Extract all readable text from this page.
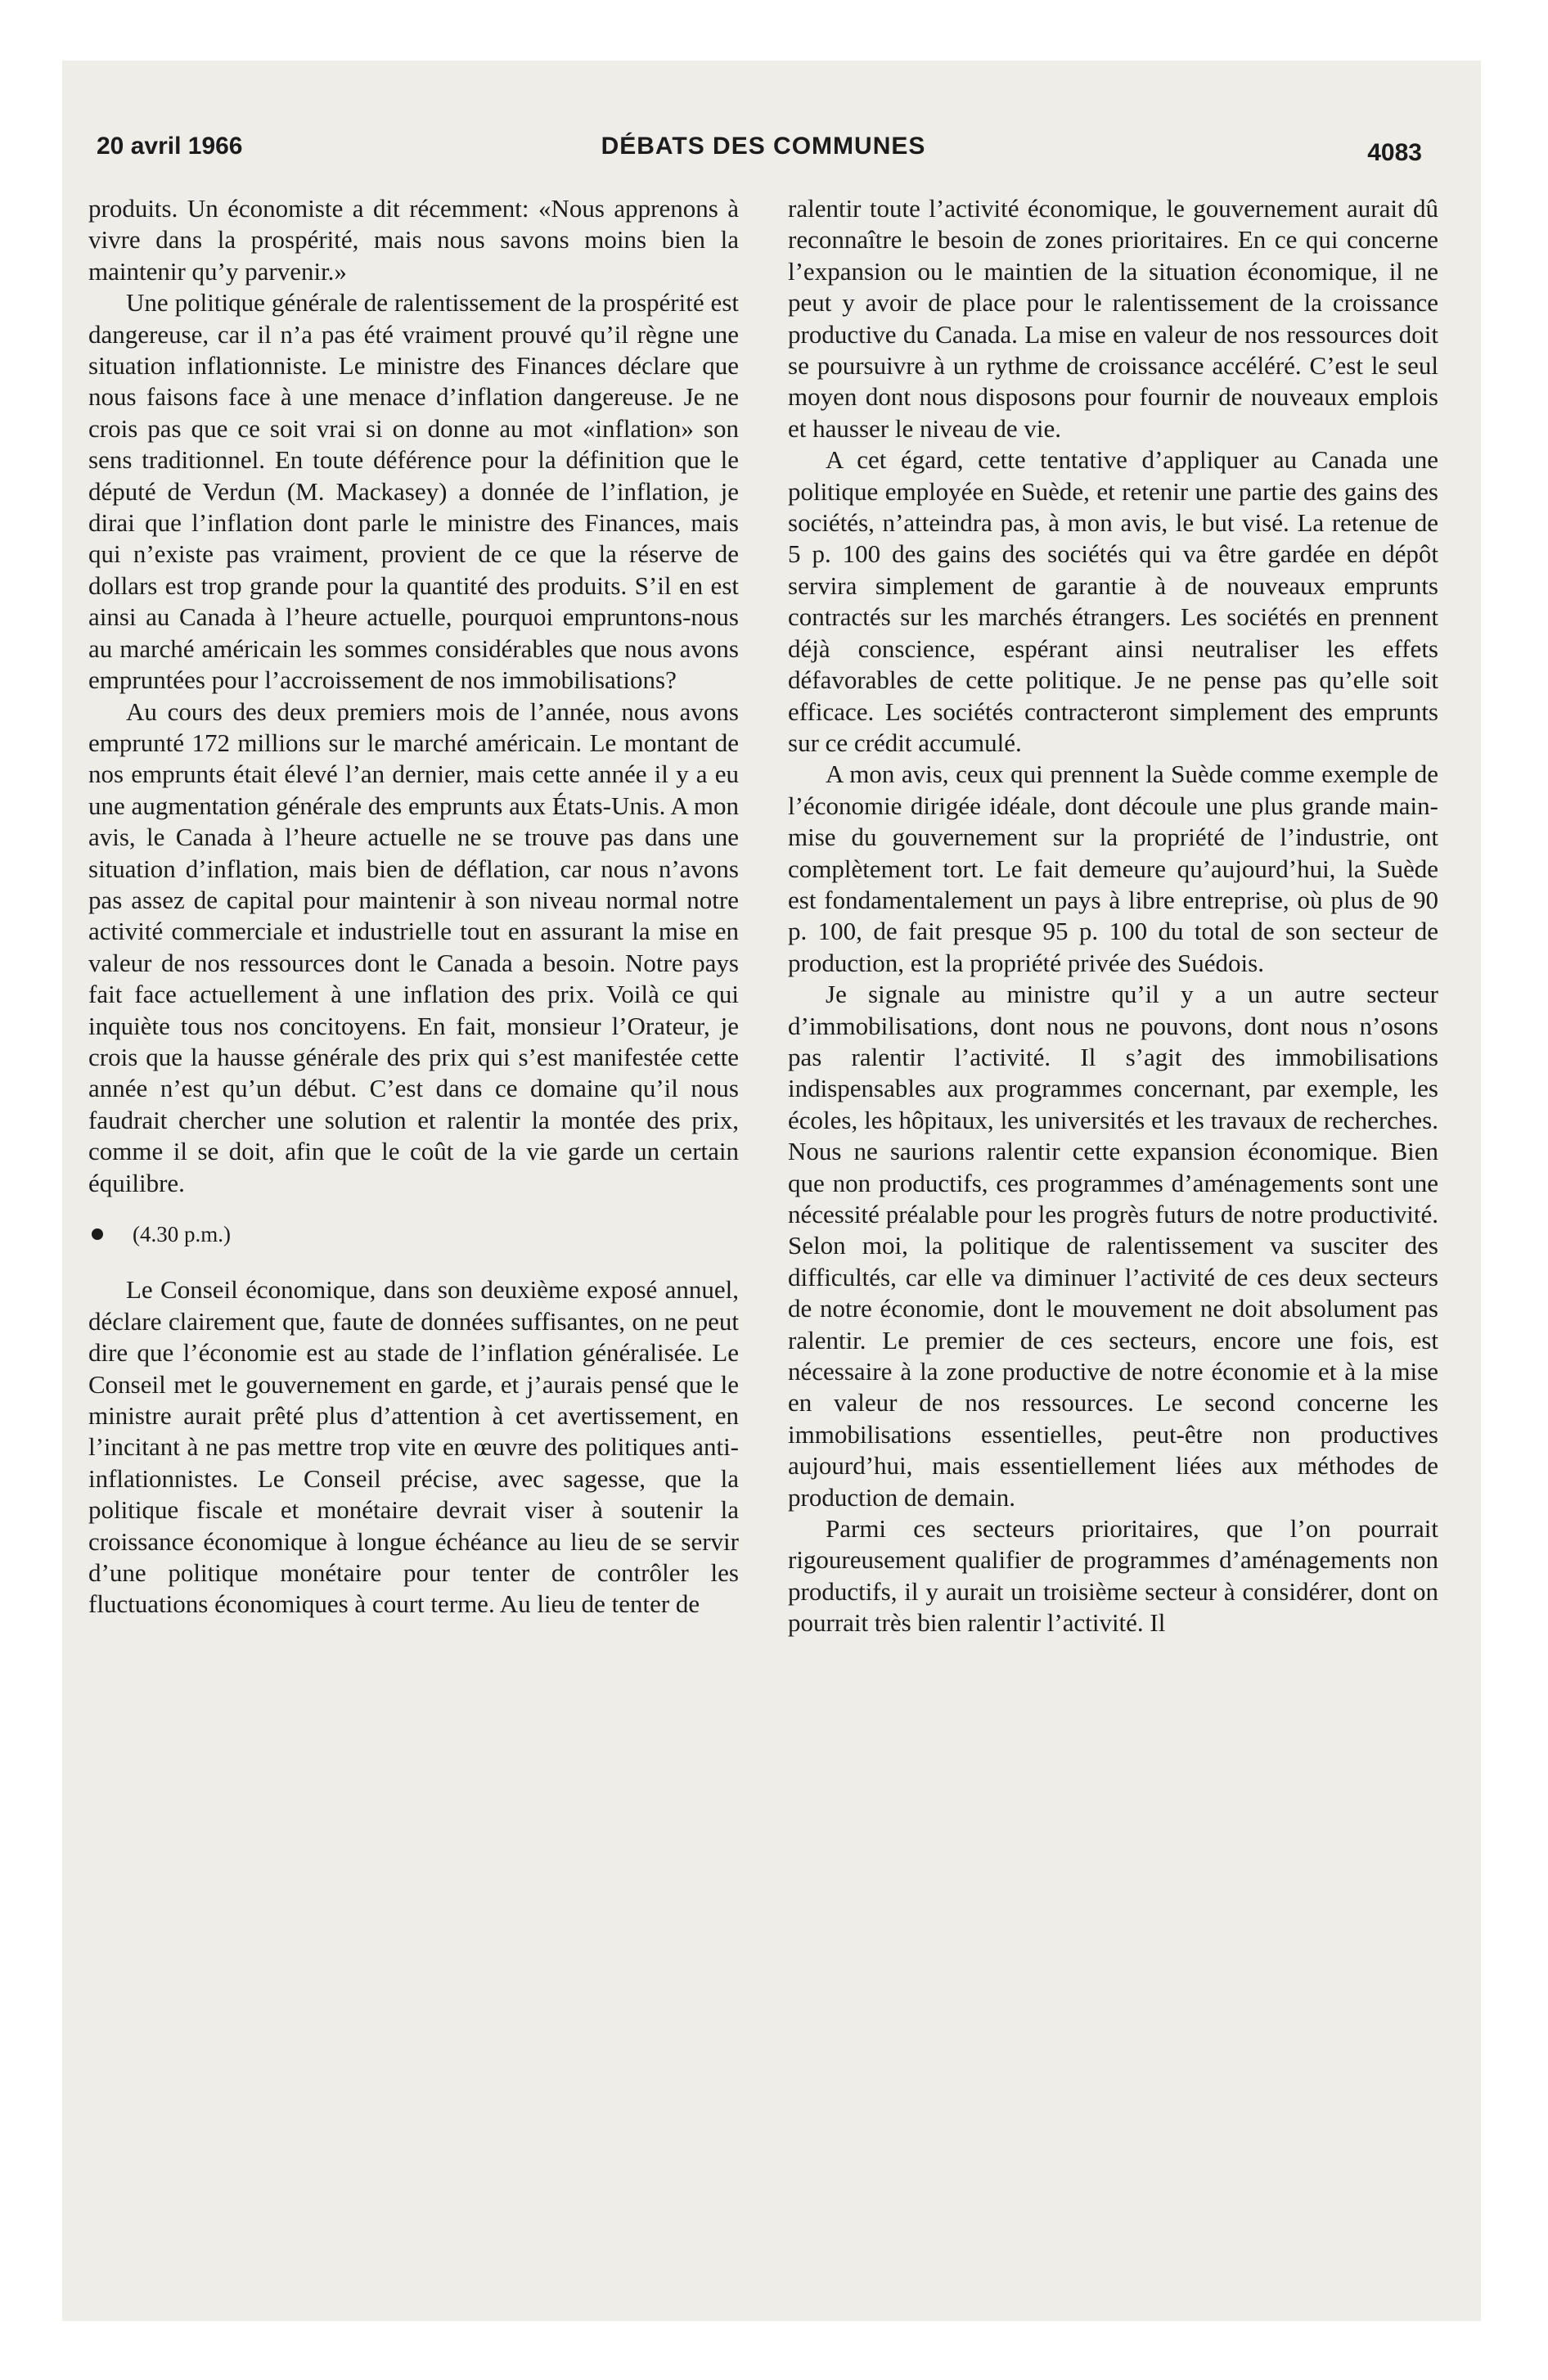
20 avril 1966	DÉBATS DES COMMUNES	4083

produits. Un économiste a dit récemment: «Nous apprenons à vivre dans la prospérité, mais nous savons moins bien la maintenir qu’y parvenir.»

Une politique générale de ralentissement de la prospérité est dangereuse, car il n’a pas été vraiment prouvé qu’il règne une situation inflationniste. Le ministre des Finances déclare que nous faisons face à une menace d’inflation dangereuse. Je ne crois pas que ce soit vrai si on donne au mot «inflation» son sens traditionnel. En toute déférence pour la définition que le député de Verdun (M. Mackasey) a donnée de l’inflation, je dirai que l’inflation dont parle le ministre des Finances, mais qui n’existe pas vraiment, provient de ce que la réserve de dollars est trop grande pour la quantité des produits. S’il en est ainsi au Canada à l’heure actuelle, pourquoi empruntons-nous au marché américain les sommes considérables que nous avons empruntées pour l’accroissement de nos immobilisations?

Au cours des deux premiers mois de l’année, nous avons emprunté 172 millions sur le marché américain. Le montant de nos emprunts était élevé l’an dernier, mais cette année il y a eu une augmentation générale des emprunts aux États-Unis. A mon avis, le Canada à l’heure actuelle ne se trouve pas dans une situation d’inflation, mais bien de déflation, car nous n’avons pas assez de capital pour maintenir à son niveau normal notre activité commerciale et industrielle tout en assurant la mise en valeur de nos ressources dont le Canada a besoin. Notre pays fait face actuellement à une inflation des prix. Voilà ce qui inquiète tous nos concitoyens. En fait, monsieur l’Orateur, je crois que la hausse générale des prix qui s’est manifestée cette année n’est qu’un début. C’est dans ce domaine qu’il nous faudrait chercher une solution et ralentir la montée des prix, comme il se doit, afin que le coût de la vie garde un certain équilibre.

(4.30 p.m.)

Le Conseil économique, dans son deuxième exposé annuel, déclare clairement que, faute de données suffisantes, on ne peut dire que l’économie est au stade de l’inflation généralisée. Le Conseil met le gouvernement en garde, et j’aurais pensé que le ministre aurait prêté plus d’attention à cet avertissement, en l’incitant à ne pas mettre trop vite en œuvre des politiques anti-inflationnistes. Le Conseil précise, avec sagesse, que la politique fiscale et monétaire devrait viser à soutenir la croissance économique à longue échéance au lieu de se servir d’une politique monétaire pour tenter de contrôler les fluctuations économiques à court terme. Au lieu de tenter de

ralentir toute l’activité économique, le gouvernement aurait dû reconnaître le besoin de zones prioritaires. En ce qui concerne l’expansion ou le maintien de la situation économique, il ne peut y avoir de place pour le ralentissement de la croissance productive du Canada. La mise en valeur de nos ressources doit se poursuivre à un rythme de croissance accéléré. C’est le seul moyen dont nous disposons pour fournir de nouveaux emplois et hausser le niveau de vie.

A cet égard, cette tentative d’appliquer au Canada une politique employée en Suède, et retenir une partie des gains des sociétés, n’atteindra pas, à mon avis, le but visé. La retenue de 5 p. 100 des gains des sociétés qui va être gardée en dépôt servira simplement de garantie à de nouveaux emprunts contractés sur les marchés étrangers. Les sociétés en prennent déjà conscience, espérant ainsi neutraliser les effets défavorables de cette politique. Je ne pense pas qu’elle soit efficace. Les sociétés contracteront simplement des emprunts sur ce crédit accumulé.

A mon avis, ceux qui prennent la Suède comme exemple de l’économie dirigée idéale, dont découle une plus grande main-mise du gouvernement sur la propriété de l’industrie, ont complètement tort. Le fait demeure qu’aujourd’hui, la Suède est fondamentalement un pays à libre entreprise, où plus de 90 p. 100, de fait presque 95 p. 100 du total de son secteur de production, est la propriété privée des Suédois.

Je signale au ministre qu’il y a un autre secteur d’immobilisations, dont nous ne pouvons, dont nous n’osons pas ralentir l’activité. Il s’agit des immobilisations indispensables aux programmes concernant, par exemple, les écoles, les hôpitaux, les universités et les travaux de recherches. Nous ne saurions ralentir cette expansion économique. Bien que non productifs, ces programmes d’aménagements sont une nécessité préalable pour les progrès futurs de notre productivité. Selon moi, la politique de ralentissement va susciter des difficultés, car elle va diminuer l’activité de ces deux secteurs de notre économie, dont le mouvement ne doit absolument pas ralentir. Le premier de ces secteurs, encore une fois, est nécessaire à la zone productive de notre économie et à la mise en valeur de nos ressources. Le second concerne les immobilisations essentielles, peut-être non productives aujourd’hui, mais essentiellement liées aux méthodes de production de demain.

Parmi ces secteurs prioritaires, que l’on pourrait rigoureusement qualifier de programmes d’aménagements non productifs, il y aurait un troisième secteur à considérer, dont on pourrait très bien ralentir l’activité. Il
